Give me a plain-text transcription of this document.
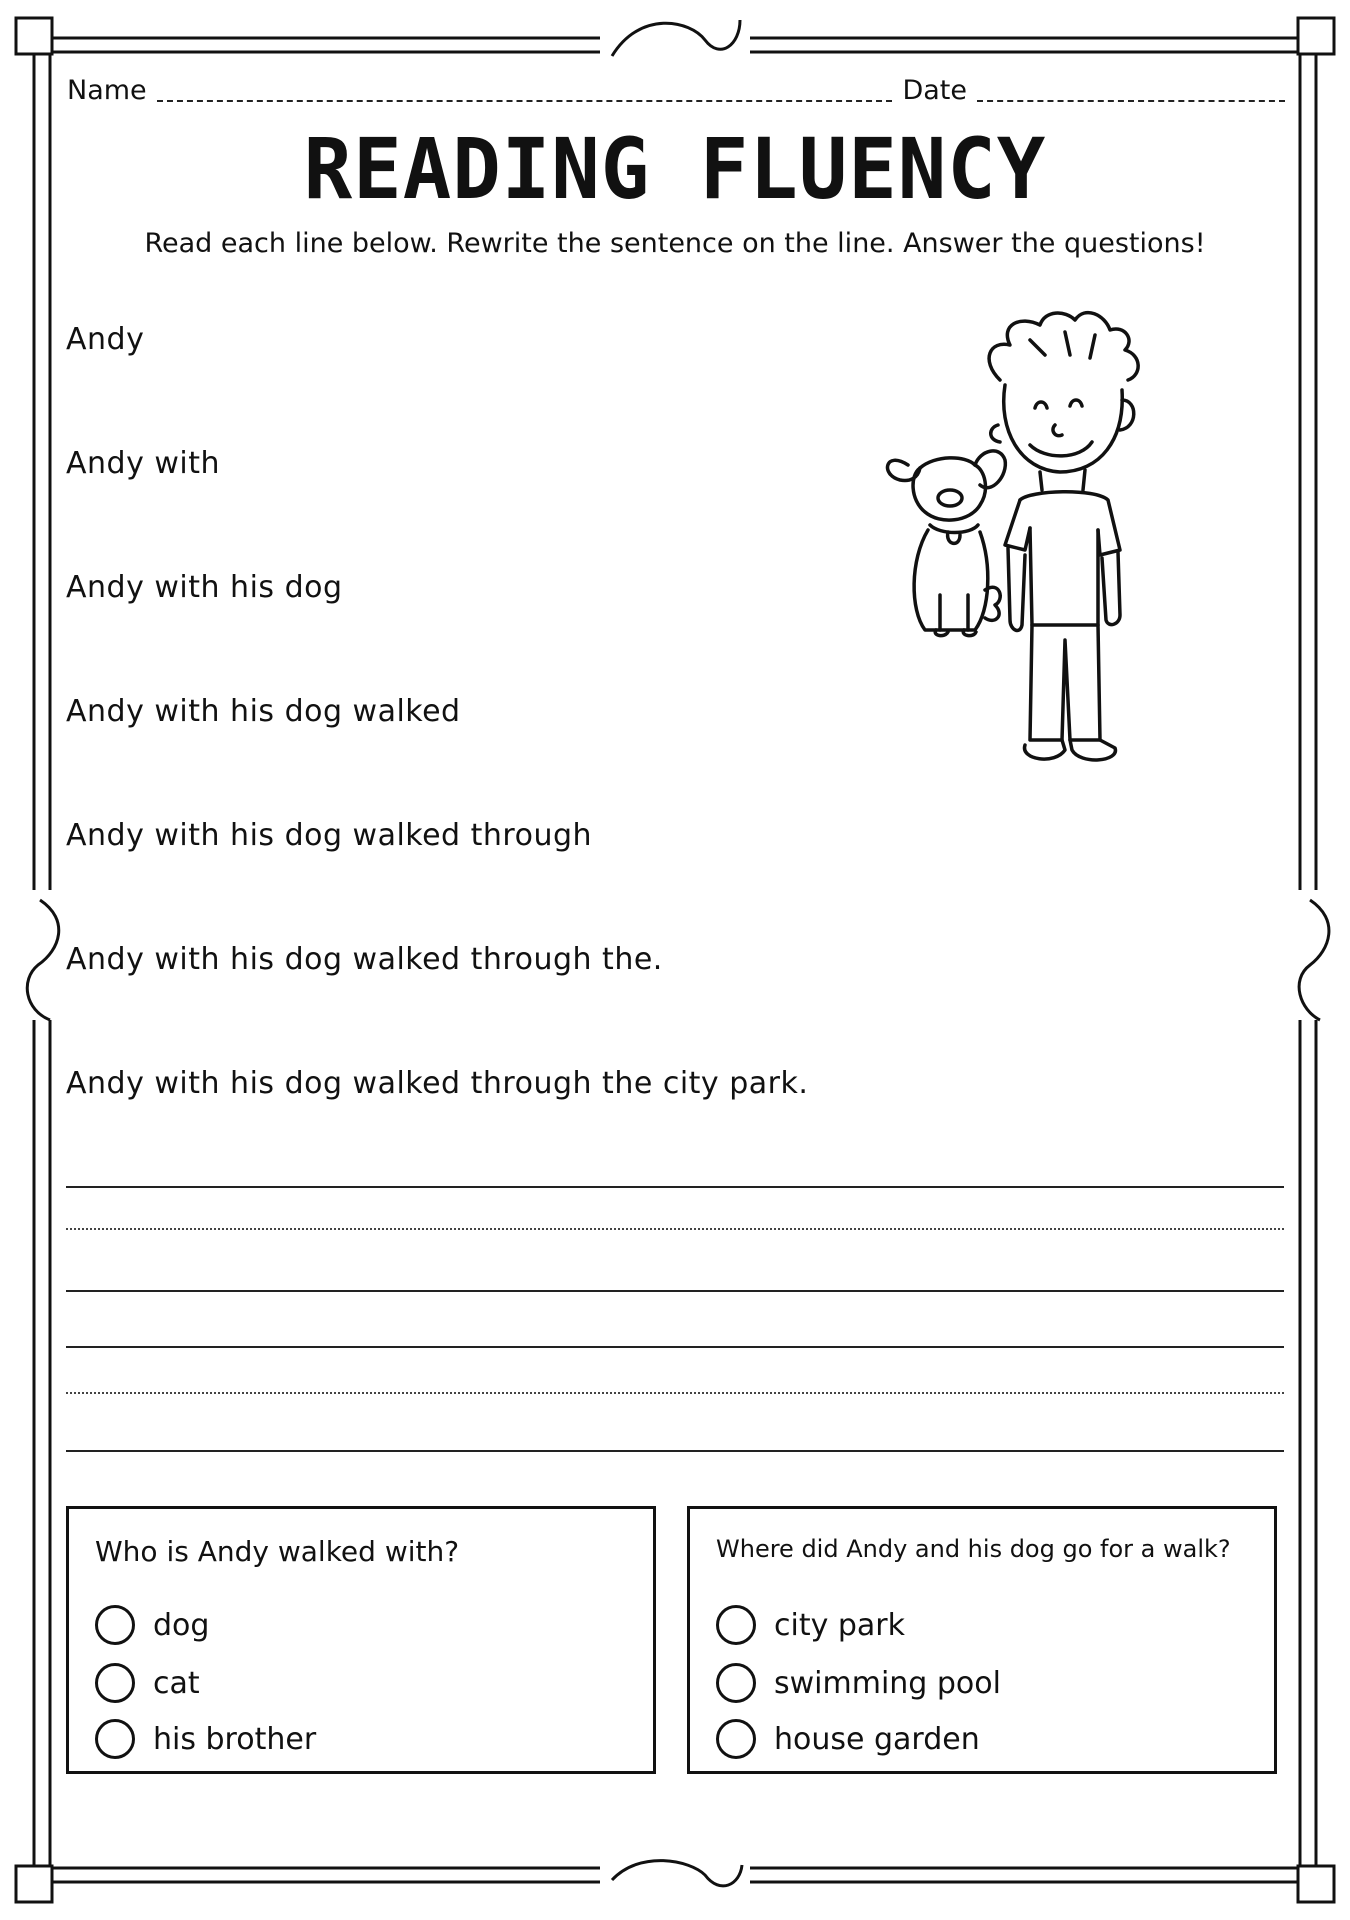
Name	Date
READING FLUENCY
Read each line below. Rewrite the sentence on the line. Answer the questions!
Andy
Andy with
Andy with his dog
Andy with his dog walked
Andy with his dog walked through
Andy with his dog walked through the.
Andy with his dog walked through the city park.
Who is Andy walked with?
dog
cat
his brother
Where did Andy and his dog go for a walk?
city park
swimming pool
house garden
